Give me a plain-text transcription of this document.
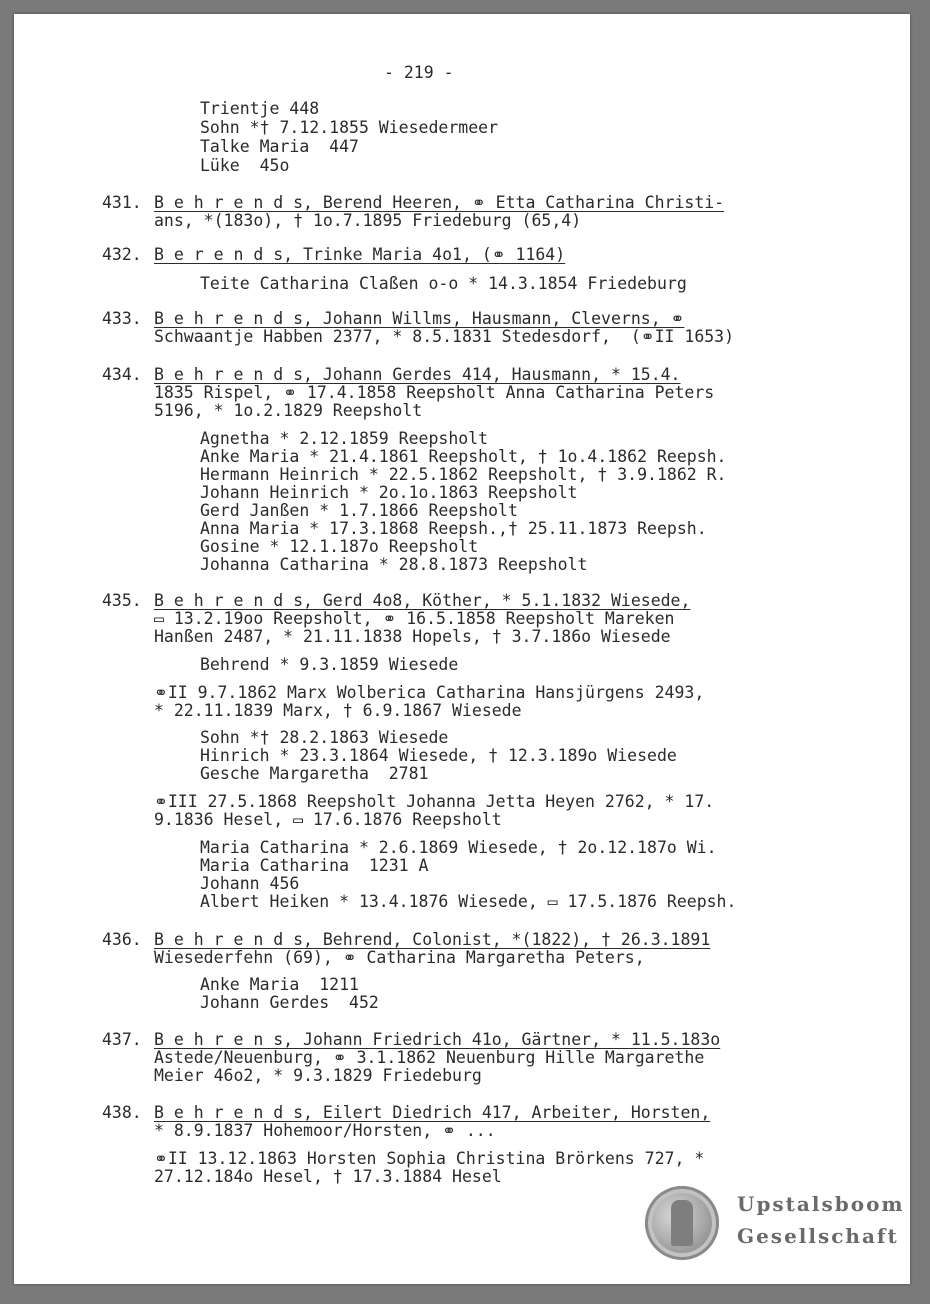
- 219 -
Trientje 448
Sohn *† 7.12.1855 Wiesedermeer
Talke Maria  447
Lüke  45o
431. B e h r e n d s, Berend Heeren, ⚭ Etta Catharina Christi-
ans, *(183o), † 1o.7.1895 Friedeburg (65,4)
432. B e r e n d s, Trinke Maria 4o1, (⚭ 1164)
Teite Catharina Claßen o-o * 14.3.1854 Friedeburg
433. B e h r e n d s, Johann Willms, Hausmann, Cleverns, ⚭
Schwaantje Habben 2377, * 8.5.1831 Stedesdorf,  (⚭II 1653)
434. B e h r e n d s, Johann Gerdes 414, Hausmann, * 15.4.
1835 Rispel, ⚭ 17.4.1858 Reepsholt Anna Catharina Peters
5196, * 1o.2.1829 Reepsholt
Agnetha * 2.12.1859 Reepsholt
Anke Maria * 21.4.1861 Reepsholt, † 1o.4.1862 Reepsh.
Hermann Heinrich * 22.5.1862 Reepsholt, † 3.9.1862 R.
Johann Heinrich * 2o.1o.1863 Reepsholt
Gerd Janßen * 1.7.1866 Reepsholt
Anna Maria * 17.3.1868 Reepsh.,† 25.11.1873 Reepsh.
Gosine * 12.1.187o Reepsholt
Johanna Catharina * 28.8.1873 Reepsholt
435. B e h r e n d s, Gerd 4o8, Köther, * 5.1.1832 Wiesede,
▭ 13.2.19oo Reepsholt, ⚭ 16.5.1858 Reepsholt Mareken
Hanßen 2487, * 21.11.1838 Hopels, † 3.7.186o Wiesede
Behrend * 9.3.1859 Wiesede
⚭II 9.7.1862 Marx Wolberica Catharina Hansjürgens 2493,
* 22.11.1839 Marx, † 6.9.1867 Wiesede
Sohn *† 28.2.1863 Wiesede
Hinrich * 23.3.1864 Wiesede, † 12.3.189o Wiesede
Gesche Margaretha  2781
⚭III 27.5.1868 Reepsholt Johanna Jetta Heyen 2762, * 17.
9.1836 Hesel, ▭ 17.6.1876 Reepsholt
Maria Catharina * 2.6.1869 Wiesede, † 2o.12.187o Wi.
Maria Catharina  1231 A
Johann 456
Albert Heiken * 13.4.1876 Wiesede, ▭ 17.5.1876 Reepsh.
436. B e h r e n d s, Behrend, Colonist, *(1822), † 26.3.1891
Wiesederfehn (69), ⚭ Catharina Margaretha Peters,
Anke Maria  1211
Johann Gerdes  452
437. B e h r e n s, Johann Friedrich 41o, Gärtner, * 11.5.183o
Astede/Neuenburg, ⚭ 3.1.1862 Neuenburg Hille Margarethe
Meier 46o2, * 9.3.1829 Friedeburg
438. B e h r e n d s, Eilert Diedrich 417, Arbeiter, Horsten,
* 8.9.1837 Hohemoor/Horsten, ⚭ ...
⚭II 13.12.1863 Horsten Sophia Christina Brörkens 727, *
27.12.184o Hesel, † 17.3.1884 Hesel
Upstalsboom
Gesellschaft
